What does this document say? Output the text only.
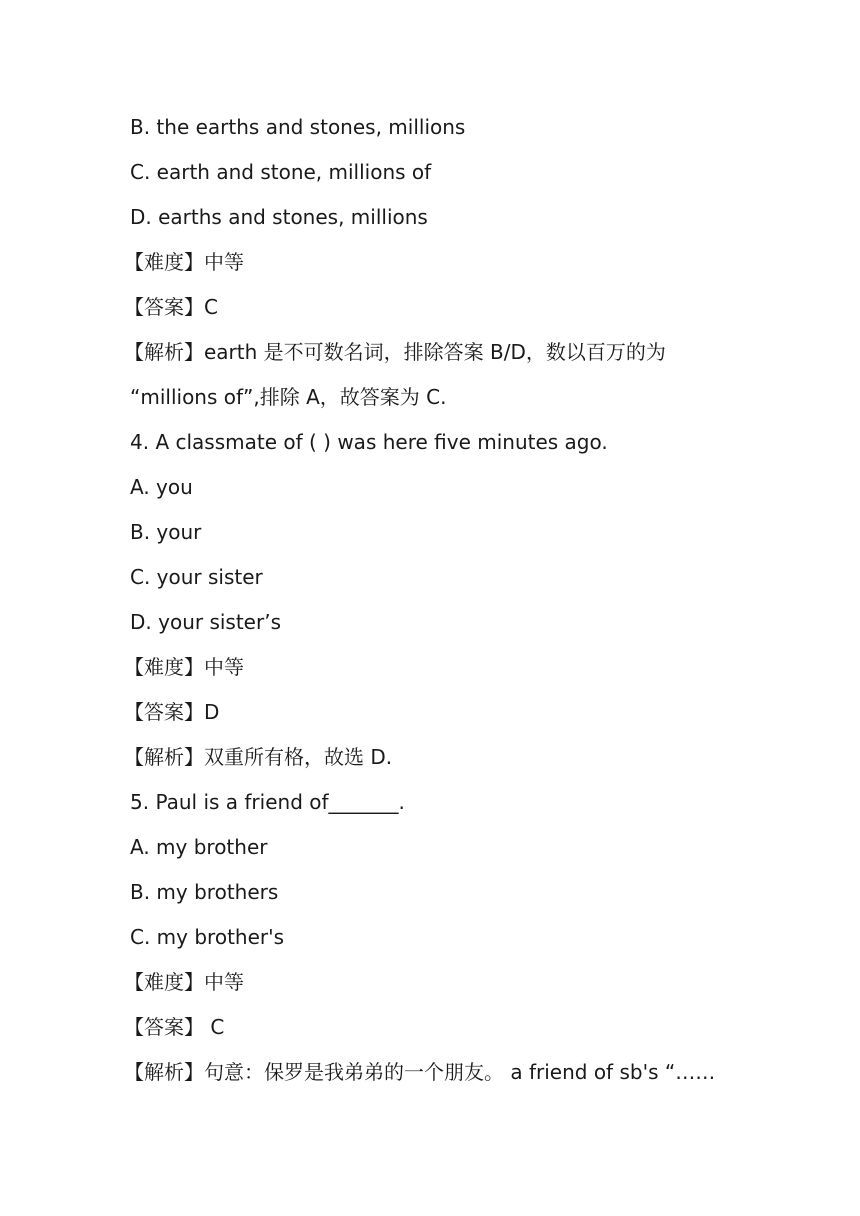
B. the earths and stones, millions
C. earth and stone, millions of
D. earths and stones, millions
【难度】中等
【答案】C
【解析】earth 是不可数名词，排除答案 B/D，数以百万的为
“millions of”,排除 A，故答案为 C.
4. A classmate of ( ) was here five minutes ago.
A. you
B. your
C. your sister
D. your sister’s
【难度】中等
【答案】D
【解析】双重所有格，故选 D.
5. Paul is a friend of_______.
A. my brother
B. my brothers
C. my brother's
【难度】中等
【答案】 C
【解析】句意：保罗是我弟弟的一个朋友。 a friend of sb's “……
